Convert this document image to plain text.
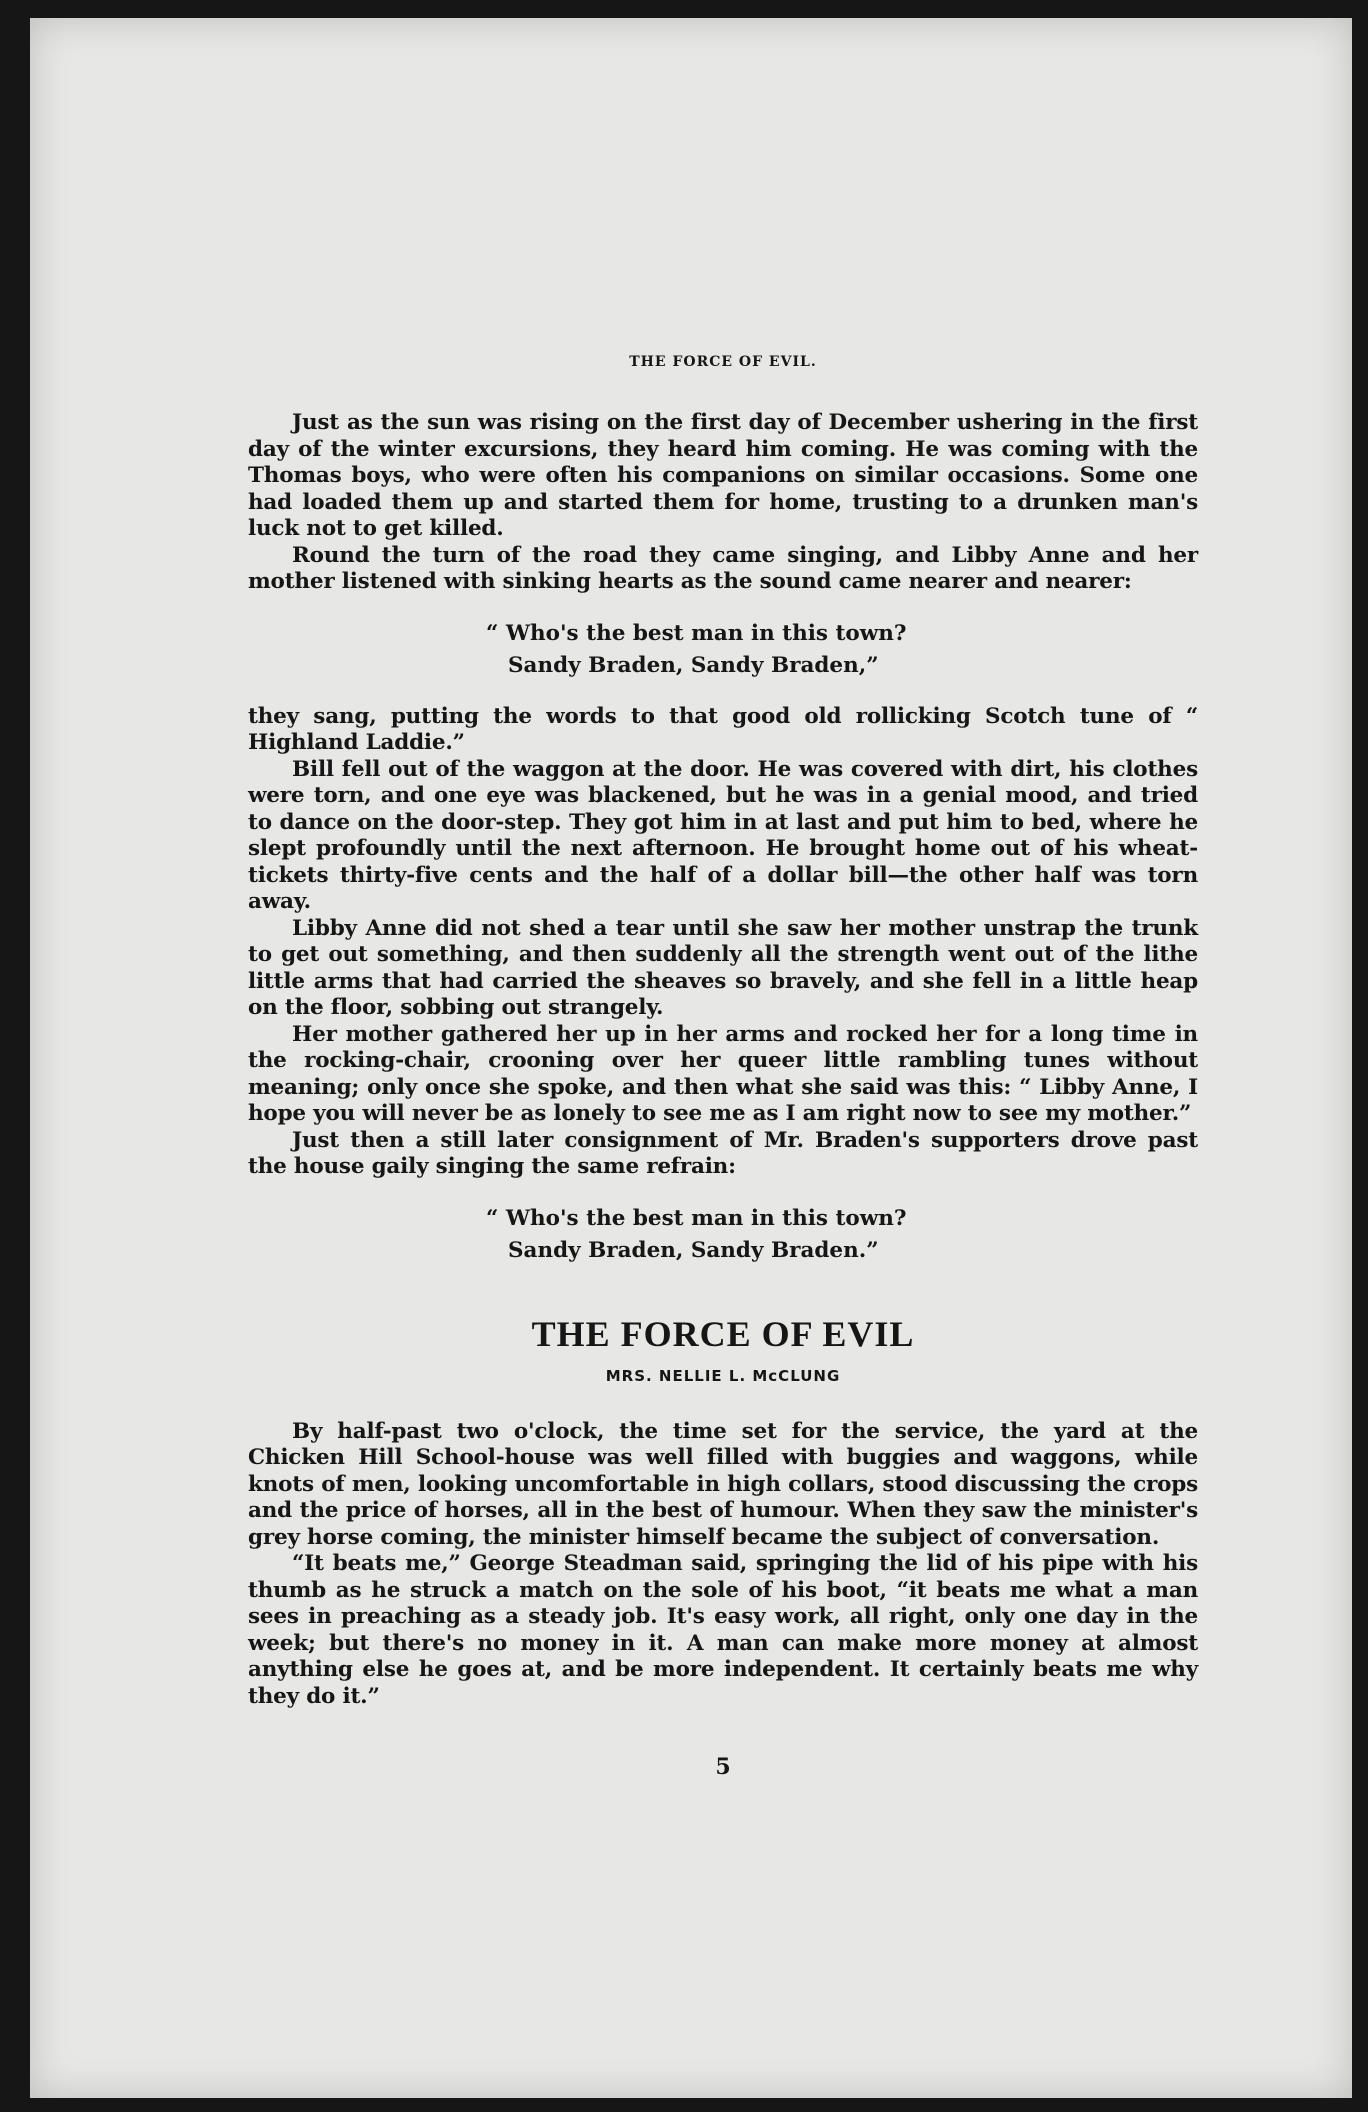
THE FORCE OF EVIL.

Just as the sun was rising on the first day of December ushering in the first day of the winter excursions, they heard him coming. He was coming with the Thomas boys, who were often his companions on similar occasions. Some one had loaded them up and started them for home, trusting to a drunken man's luck not to get killed.

Round the turn of the road they came singing, and Libby Anne and her mother listened with sinking hearts as the sound came nearer and nearer:

“ Who's the best man in this town?
Sandy Braden, Sandy Braden,”

they sang, putting the words to that good old rollicking Scotch tune of “ Highland Laddie.”

Bill fell out of the waggon at the door. He was covered with dirt, his clothes were torn, and one eye was blackened, but he was in a genial mood, and tried to dance on the door-step. They got him in at last and put him to bed, where he slept profoundly until the next afternoon. He brought home out of his wheat-tickets thirty-five cents and the half of a dollar bill—the other half was torn away.

Libby Anne did not shed a tear until she saw her mother unstrap the trunk to get out something, and then suddenly all the strength went out of the lithe little arms that had carried the sheaves so bravely, and she fell in a little heap on the floor, sobbing out strangely.

Her mother gathered her up in her arms and rocked her for a long time in the rocking-chair, crooning over her queer little rambling tunes without meaning; only once she spoke, and then what she said was this: “ Libby Anne, I hope you will never be as lonely to see me as I am right now to see my mother.”

Just then a still later consignment of Mr. Braden's supporters drove past the house gaily singing the same refrain:

“ Who's the best man in this town?
Sandy Braden, Sandy Braden.”
THE FORCE OF EVIL
MRS. NELLIE L. McCLUNG

By half-past two o'clock, the time set for the service, the yard at the Chicken Hill School-house was well filled with buggies and waggons, while knots of men, looking uncomfortable in high collars, stood discussing the crops and the price of horses, all in the best of humour. When they saw the minister's grey horse coming, the minister himself became the subject of conversation.

“It beats me,” George Steadman said, springing the lid of his pipe with his thumb as he struck a match on the sole of his boot, “it beats me what a man sees in preaching as a steady job. It's easy work, all right, only one day in the week; but there's no money in it. A man can make more money at almost anything else he goes at, and be more independent. It certainly beats me why they do it.”

5
